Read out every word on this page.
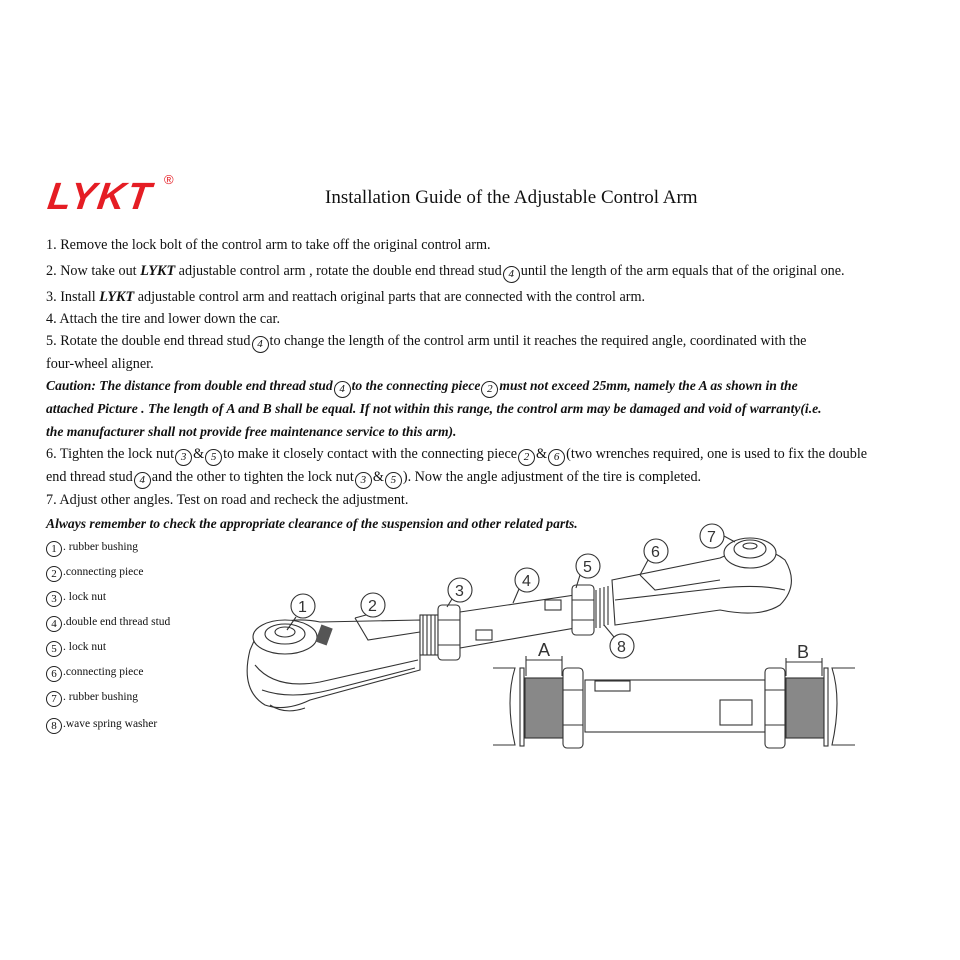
LYKT ®
Installation Guide of the Adjustable Control Arm
1. Remove the lock bolt of the control arm to take off the original control arm.
2. Now take out LYKT adjustable control arm , rotate the double end thread stud 4 until the length of the arm equals that of the original one.
3. Install LYKT adjustable control arm and reattach original parts that are connected with the control arm.
4. Attach the tire and lower down the car.
5. Rotate the double end thread stud 4 to change the length of the control arm until it reaches the required angle, coordinated with the
four-wheel aligner.
Caution: The distance from double end thread stud 4 to the connecting piece 2 must not exceed 25mm, namely the A as shown in the
attached Picture . The length of A and B shall be equal. If not within this range, the control arm may be damaged and void of warranty(i.e.
the manufacturer shall not provide free maintenance service to this arm).
6. Tighten the lock nut 3 & 5 to make it closely contact with the connecting piece 2 & 6 (two wrenches required, one is used to fix the double
end thread stud 4 and the other to tighten the lock nut 3 & 5 ). Now the angle adjustment of the tire is completed.
7. Adjust other angles. Test on road and recheck the adjustment.
Always remember to check the appropriate clearance of the suspension and other related parts.
1 . rubber bushing
2 .connecting piece
3 . lock nut
4 .double end thread stud
5 . lock nut
6 .connecting piece
7 . rubber bushing
8 .wave spring washer
1	2
3
4
5
6
7
8
A	B
